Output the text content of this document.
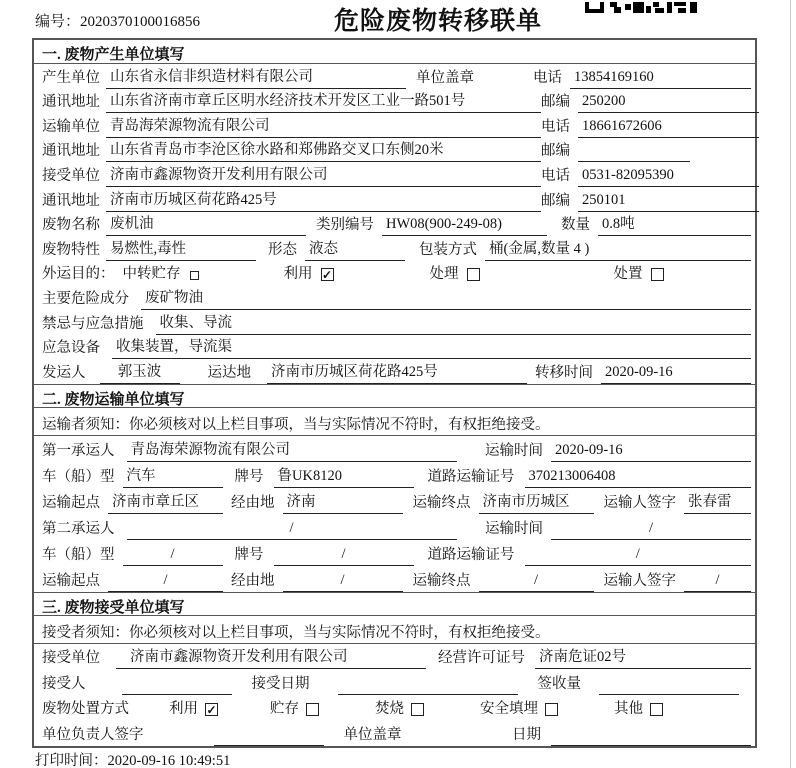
编号：2020370100016856	危险废物转移联单
一. 废物产生单位填写
产生单位 山东省永信非织造材料有限公司	单位盖章	电话 13854169160
通讯地址 山东省济南市章丘区明水经济技术开发区工业一路501号	邮编 250200
运输单位 青岛海荣源物流有限公司	电话 18661672606
通讯地址 山东省青岛市李沧区徐水路和郑佛路交叉口东侧20米	邮编
接受单位 济南市鑫源物资开发利用有限公司	电话 0531-82095390
通讯地址 济南市历城区荷花路425号	邮编 250101
废物名称 废机油	类别编号 HW08(900-249-08)	数量 0.8吨
废物特性 易燃性,毒性	形态 液态	包装方式 桶(金属,数量 4 )
外运目的： 中转贮存	利用 ✓	处理	处置
主要危险成分 废矿物油
禁忌与应急措施 收集、导流
应急设备 收集装置，导流渠
发运人	郭玉波	运达地 济南市历城区荷花路425号	转移时间 2020-09-16
二. 废物运输单位填写
运输者须知：你必须核对以上栏目事项，当与实际情况不符时，有权拒绝接受。
第一承运人 青岛海荣源物流有限公司	运输时间 2020-09-16
车（船）型 汽车	牌号 鲁UK8120	道路运输证号 370213006408
运输起点 济南市章丘区	经由地 济南	运输终点 济南市历城区	运输人签字 张春雷
第二承运人	/	运输时间	/
车（船）型	/	牌号	/	道路运输证号	/
运输起点	/	经由地	/	运输终点	/	运输人签字	/
三. 废物接受单位填写
接受者须知：你必须核对以上栏目事项，当与实际情况不符时，有权拒绝接受。
接受单位	济南市鑫源物资开发利用有限公司	经营许可证号 济南危证02号
接受人	接受日期	签收量
废物处置方式	利用 ✓	贮存	焚烧	安全填埋	其他
单位负责人签字	单位盖章	日期
打印时间：2020-09-16 10:49:51
